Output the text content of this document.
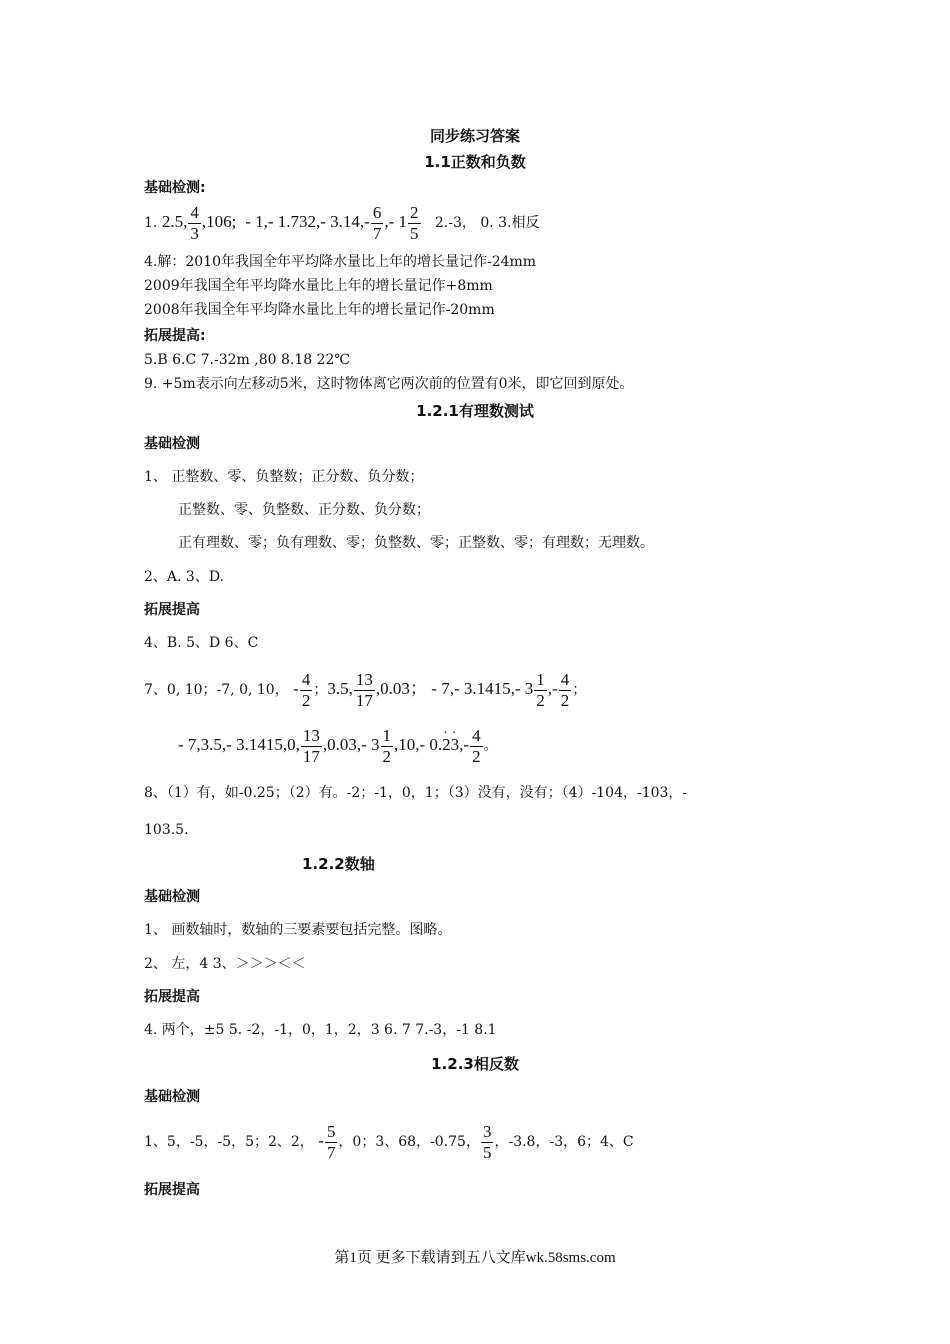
同步练习答案
1.1正数和负数
基础检测:
1. 2.5, $\frac{4}{3} ,106$; - 1,- 1.732,- $3.14,- \frac{6}{7}$ ,- $1 \frac{2}{5} 2.-3$， 0. 3.相反
4.解：2010年我国全年平均降水量比上年的增长量记作-24mm
2009年我国全年平均降水量比上年的增长量记作+8mm
2008年我国全年平均降水量比上年的增长量记作-20mm
拓展提高:
5.B 6.C 7.-32m ,80 8.18 22℃
9. +5m表示向左移动5米，这时物体离它两次前的位置有0米，即它回到原处。
1.2.1有理数测试
基础检测
1、 正整数、零、负整数；正分数、负分数；
正整数、零、负整数、正分数、负分数；
正有理数、零；负有理数、零；负整数、零；正整数、零；有理数；无理数。
2、A. 3、D.
拓展提高
4、B. 5、D 6、C
7、0, 10；-7, 0, 10， - $\frac{4}{2}$ ；3.5, $\frac{13}{17} ,0.03$； - 7,- 3.1415,- $3 \frac{1}{2}$ ,- $\frac{4}{2}$ ；
- 7,3.5,- 3.1415,0, $\frac{13}{17} ,0.03,-$ $3 \frac{1}{2} ,10,-$ $0.\cdot 2\cdot 3,- \frac{4}{2}$ 。
8、（1）有，如-0.25；（2）有。-2；-1，0，1；（3）没有，没有；（4）-104，-103，-
103.5.
1.2.2数轴
基础检测
1、 画数轴时，数轴的三要素要包括完整。图略。
2、 左，4 3、＞＞＞＜＜
拓展提高
4. 两个，±5 5. -2，-1，0，1，2，3 6. 7 7.-3，-1 8.1
1.2.3相反数
基础检测
1、5，-5，-5，5；2、2， - $\frac{5}{7}$ ，0；3、68，-0.75， $\frac{3}{5}$ ，-3.8，-3，6；4、C
拓展提高
第1页 更多下载请到五八文库wk.58sms.com
